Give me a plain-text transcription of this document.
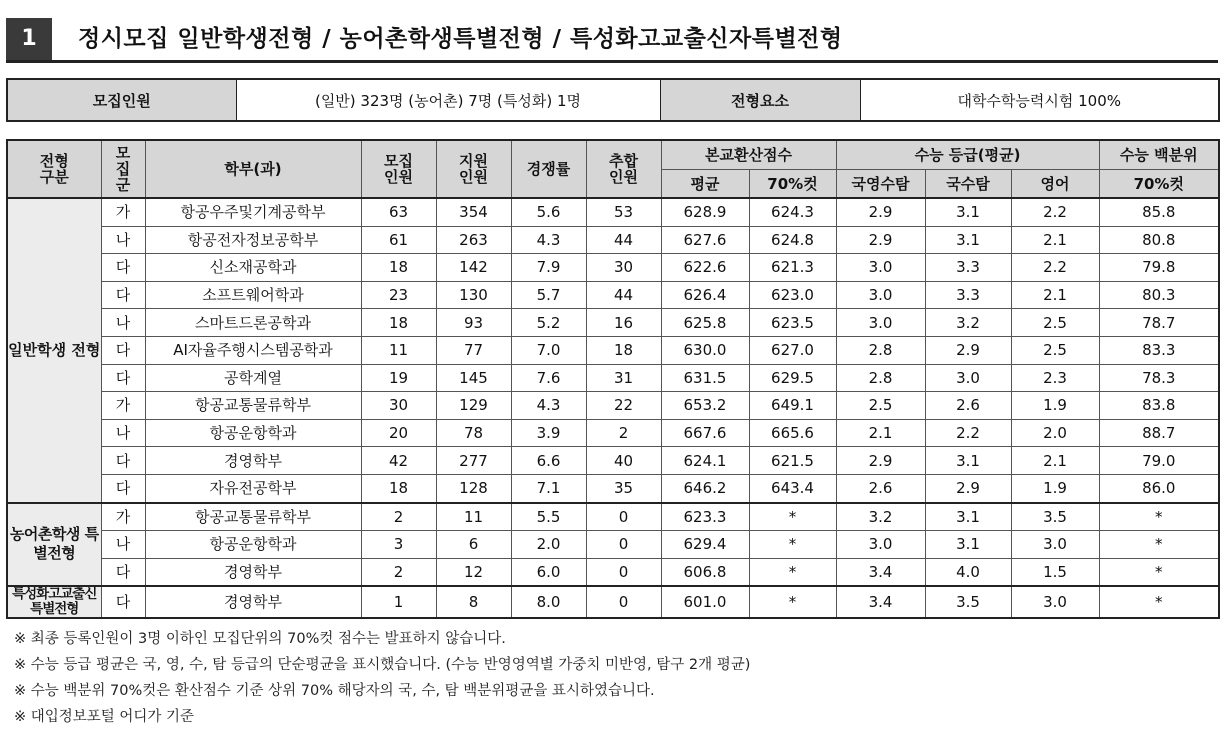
1	정시모집 일반학생전형 / 농어촌학생특별전형 / 특성화고교출신자특별전형
모집인원	(일반) 323명 (농어촌) 7명 (특성화) 1명	전형요소	대학수학능력시험 100%
전형 구분	모집군	학부(과)	모집 인원	지원 인원	경쟁률	추합 인원	본교환산점수		수능 등급(평균)			수능 백분위
							평균	70%컷	국영수탐	국수탐	영어	70%컷
일반학생 전형	가	항공우주및기계공학부	63	354	5.6	53	628.9	624.3	2.9	3.1	2.2	85.8
	나	항공전자정보공학부	61	263	4.3	44	627.6	624.8	2.9	3.1	2.1	80.8
	다	신소재공학과	18	142	7.9	30	622.6	621.3	3.0	3.3	2.2	79.8
	다	소프트웨어학과	23	130	5.7	44	626.4	623.0	3.0	3.3	2.1	80.3
	나	스마트드론공학과	18	93	5.2	16	625.8	623.5	3.0	3.2	2.5	78.7
	다	AI자율주행시스템공학과	11	77	7.0	18	630.0	627.0	2.8	2.9	2.5	83.3
	다	공학계열	19	145	7.6	31	631.5	629.5	2.8	3.0	2.3	78.3
	가	항공교통물류학부	30	129	4.3	22	653.2	649.1	2.5	2.6	1.9	83.8
	나	항공운항학과	20	78	3.9	2	667.6	665.6	2.1	2.2	2.0	88.7
	다	경영학부	42	277	6.6	40	624.1	621.5	2.9	3.1	2.1	79.0
	다	자유전공학부	18	128	7.1	35	646.2	643.4	2.6	2.9	1.9	86.0
농어촌학생 특별전형	가	항공교통물류학부	2	11	5.5	0	623.3	*	3.2	3.1	3.5	*
	나	항공운항학과	3	6	2.0	0	629.4	*	3.0	3.1	3.0	*
	다	경영학부	2	12	6.0	0	606.8	*	3.4	4.0	1.5	*
특성화고교출신 특별전형	다	경영학부	1	8	8.0	0	601.0	*	3.4	3.5	3.0	*
※ 최종 등록인원이 3명 이하인 모집단위의 70%컷 점수는 발표하지 않습니다.
※ 수능 등급 평균은 국, 영, 수, 탐 등급의 단순평균을 표시했습니다. (수능 반영영역별 가중치 미반영, 탐구 2개 평균)
※ 수능 백분위 70%컷은 환산점수 기준 상위 70% 해당자의 국, 수, 탐 백분위평균을 표시하였습니다.
※ 대입정보포털 어디가 기준
